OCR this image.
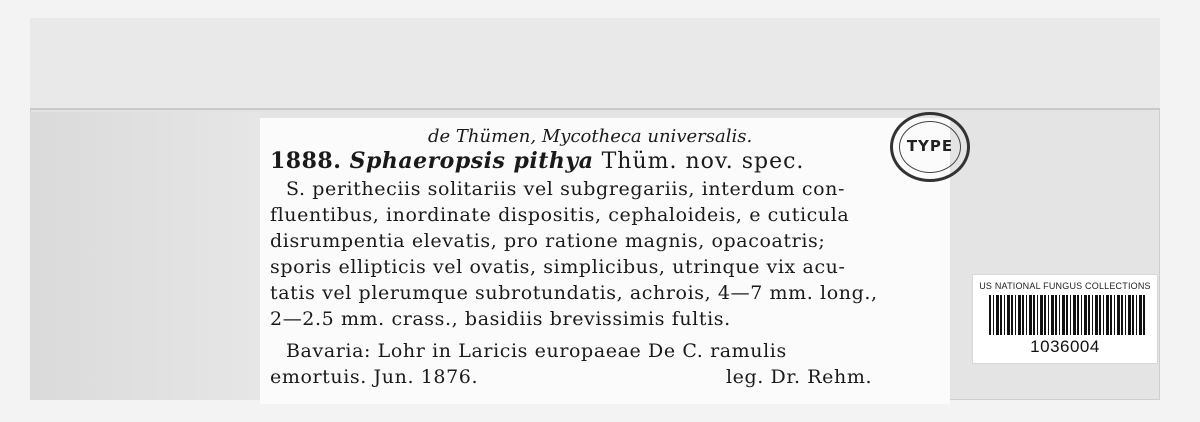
de Thümen, Mycotheca universalis.
1888. Sphaeropsis pithya Thüm. nov. spec.
S. peritheciis solitariis vel subgregariis, interdum con-
fluentibus, inordinate dispositis, cephaloideis, e cuticula
disrumpentia elevatis, pro ratione magnis, opacoatris;
sporis ellipticis vel ovatis, simplicibus, utrinque vix acu-
tatis vel plerumque subrotundatis, achrois, 4—7 mm. long.,
2—2.5 mm. crass., basidiis brevissimis fultis.
Bavaria: Lohr in Laricis europaeae De C. ramulis
emortuis. Jun. 1876.	leg. Dr. Rehm.
TYPE
US NATIONAL FUNGUS COLLECTIONS
1036004
